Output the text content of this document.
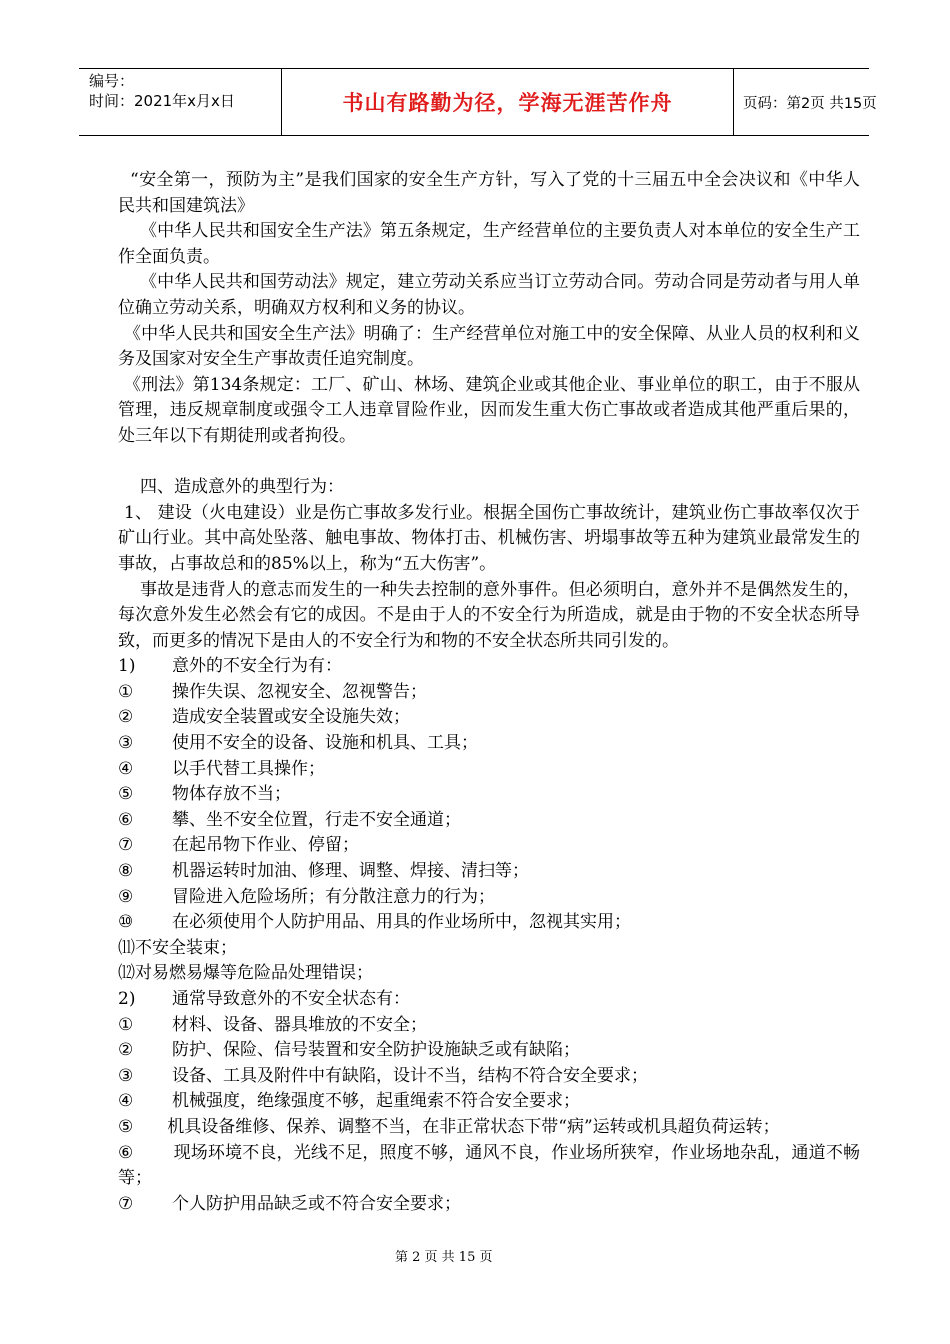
编号：
时间：2021年x月x日	书山有路勤为径，学海无涯苦作舟	页码：第2页 共15页

“安全第一，预防为主”是我们国家的安全生产方针，写入了党的十三届五中全会决议和《中华人民共和国建筑法》

《中华人民共和国安全生产法》第五条规定，生产经营单位的主要负责人对本单位的安全生产工作全面负责。

《中华人民共和国劳动法》规定，建立劳动关系应当订立劳动合同。劳动合同是劳动者与用人单位确立劳动关系，明确双方权利和义务的协议。

《中华人民共和国安全生产法》明确了：生产经营单位对施工中的安全保障、从业人员的权利和义务及国家对安全生产事故责任追究制度。

《刑法》第134条规定：工厂、矿山、林场、建筑企业或其他企业、事业单位的职工，由于不服从管理，违反规章制度或强令工人违章冒险作业，因而发生重大伤亡事故或者造成其他严重后果的，处三年以下有期徒刑或者拘役。

四、造成意外的典型行为：

1、 建设（火电建设）业是伤亡事故多发行业。根据全国伤亡事故统计，建筑业伤亡事故率仅次于矿山行业。其中高处坠落、触电事故、物体打击、机械伤害、坍塌事故等五种为建筑业最常发生的事故，占事故总和的85%以上，称为“五大伤害”。

事故是违背人的意志而发生的一种失去控制的意外事件。但必须明白，意外并不是偶然发生的，每次意外发生必然会有它的成因。不是由于人的不安全行为所造成，就是由于物的不安全状态所导致，而更多的情况下是由人的不安全行为和物的不安全状态所共同引发的。

1)	意外的不安全行为有：
①	操作失误、忽视安全、忽视警告；
②	造成安全装置或安全设施失效；
③	使用不安全的设备、设施和机具、工具；
④	以手代替工具操作；
⑤	物体存放不当；
⑥	攀、坐不安全位置，行走不安全通道；
⑦	在起吊物下作业、停留；
⑧	机器运转时加油、修理、调整、焊接、清扫等；
⑨	冒险进入危险场所；有分散注意力的行为；
⑩	在必须使用个人防护用品、用具的作业场所中，忽视其实用；
⑾ 不安全装束；
⑿ 对易燃易爆等危险品处理错误；
2)	通常导致意外的不安全状态有：
①	材料、设备、器具堆放的不安全；
②	防护、保险、信号装置和安全防护设施缺乏或有缺陷；
③	设备、工具及附件中有缺陷，设计不当，结构不符合安全要求；
④	机械强度，绝缘强度不够，起重绳索不符合安全要求；

⑤ 机具设备维修、保养、调整不当，在非正常状态下带“病”运转或机具超负荷运转；

⑥ 现场环境不良，光线不足，照度不够，通风不良，作业场所狭窄，作业场地杂乱，通道不畅等；

⑦	个人防护用品缺乏或不符合安全要求；
第 2 页 共 15 页
